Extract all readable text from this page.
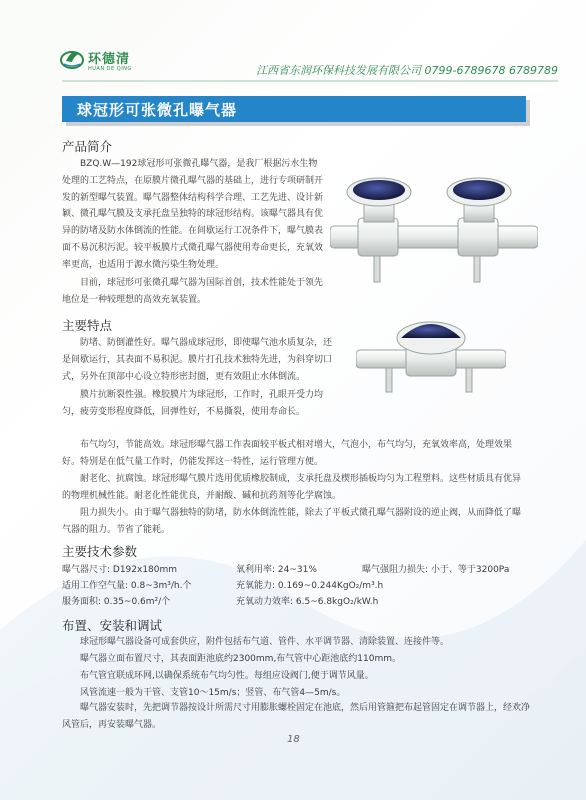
环德清
HUAN DE QING	江西省东润环保科技发展有限公司 0799-6789678 6789789
球冠形可张微孔曝气器
产品简介

BZQ.W—192球冠形可张微孔曝气器，是我厂根据污水生物处理的工艺特点，在原膜片微孔曝气器的基础上，进行专项研制开发的新型曝气装置。曝气器整体结构科学合理、工艺先进、设计新颖、微孔曝气膜及支承托盘呈独特的球冠形结构。该曝气器具有优异的防堵及防水体倒流的性能。在间歇运行工况条件下，曝气膜表面不易沉积污泥。较平板膜片式微孔曝气器使用寿命更长，充氧效率更高，也适用于源水微污染生物处理。

目前，球冠形可张微孔曝气器为国际首创，技术性能处于领先地位是一种较理想的高效充氧装置。

主要特点

防堵、防倒灌性好。曝气器成球冠形，即使曝气池水质复杂，还是间歇运行，其表面不易积泥。膜片打孔技术独特先进，为斜穿切口式，另外在顶部中心设立特形密封圈，更有效阻止水体倒流。

膜片抗断裂性强。橡胶膜片为球冠形，工作时，孔眼开受力均匀，疲劳变形程度降低，回弹性好，不易撕裂，使用寿命长。

布气均匀，节能高效。球冠形曝气器工作表面较平板式相对增大，气泡小，布气均匀，充氧效率高，处理效果好。特别是在低气量工作时，仍能发挥这一特性，运行管理方便。

耐老化、抗腐蚀。球冠形曝气膜片选用优质橡胶制成，支承托盘及楔形插板均匀为工程塑料。这些材质具有优异的物理机械性能。耐老化性能优良，并耐酸、碱和抗药剂等化学腐蚀。

阻力损失小。由于曝气器独特的防堵，防水体倒流性能，除去了平板式微孔曝气器附设的逆止阀，从而降低了曝气器的阻力。节省了能耗。

主要技术参数
曝气器尺寸: D192x180mm	氧利用率: 24~31%	曝气强阻力损失: 小于、等于3200Pa
适用工作空气量: 0.8~3m³/h.个	充氧能力: 0.169~0.244KgO₂/m³.h
服务面积: 0.35~0.6m²/个	充氧动力效率: 6.5~6.8kgO₂/kW.h
布置、安装和调试

球冠形曝气器设备可成套供应，附件包括布气道、管件、水平调节器、清除装置、连接件等。

曝气器立面布置尺寸，其表面距池底约2300mm,布气管中心距池底约110mm。

布气管宜联成环网,以确保系统布气均匀性。每组应设阀门,便于调节风量。

风管流速一般为干管、支管10～15m/s；竖管、布气管4—5m/s。

曝气器安装时，先把调节器按设计所需尺寸用膨胀螺栓固定在池底，然后用管箍把布起管固定在调节器上，经欢净风管后，再安装曝气器。

18
